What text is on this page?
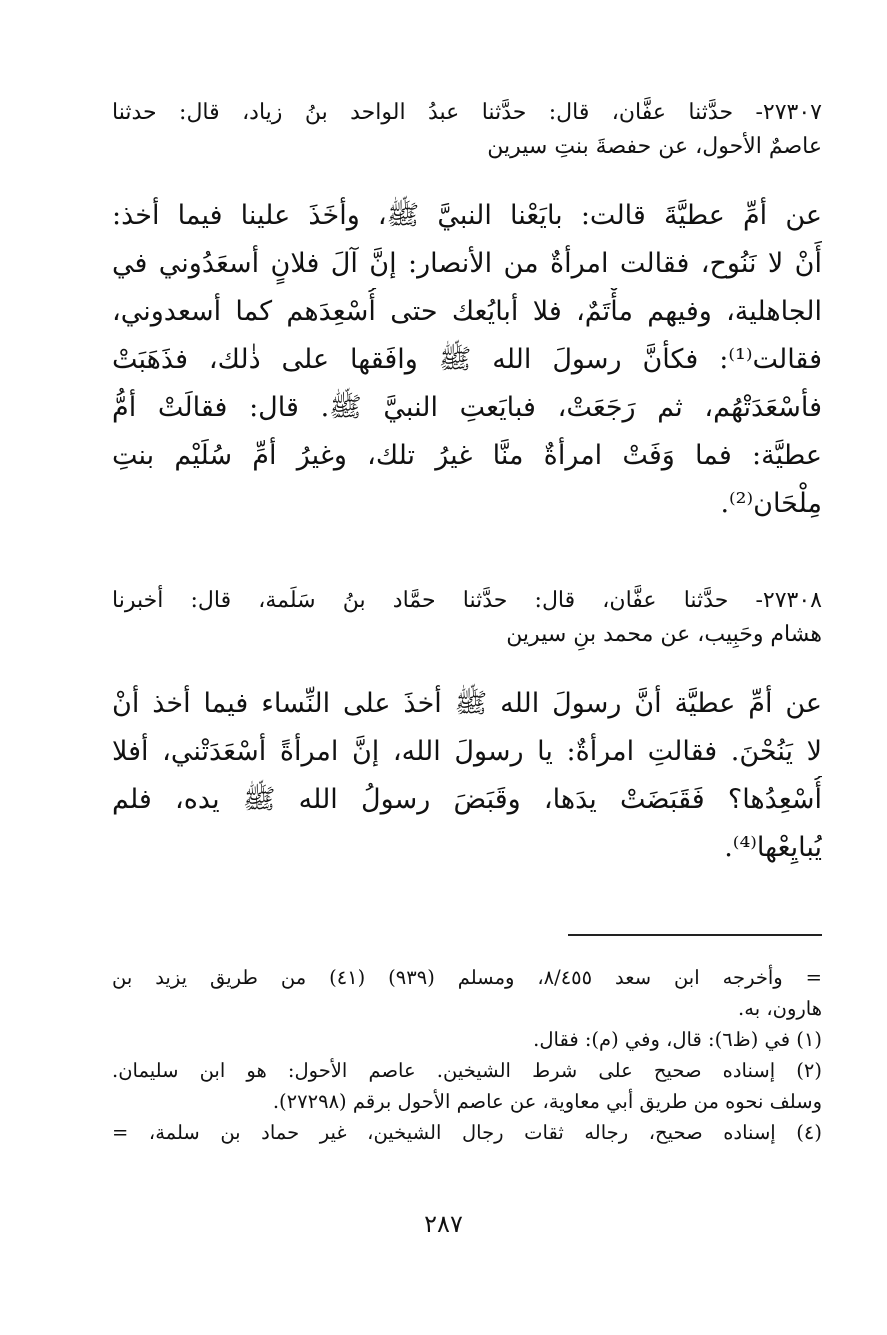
٢٧٣٠٧- حدَّثنا عفَّان، قال: حدَّثنا عبدُ الواحد بنُ زياد، قال: حدثنا
عاصمٌ الأحول، عن حفصةَ بنتِ سيرين
عن أمِّ عطيَّةَ قالت: بايَعْنا النبيَّ ﷺ، وأخَذَ علينا فيما أخذ:
أَنْ لا نَنُوح، فقالت امرأةٌ من الأنصار: إنَّ آلَ فلانٍ أسعَدُوني في
الجاهلية، وفيهم مأْتَمٌ، فلا أبايُعك حتى أُسْعِدَهم كما أسعدوني،
فقالت⁽¹⁾: فكأنَّ رسولَ الله ﷺ وافَقها على ذٰلك، فذَهَبَتْ
فأسْعَدَتْهُم، ثم رَجَعَتْ، فبايَعتِ النبيَّ ﷺ. قال: فقالَتْ أمُّ
عطيَّة: فما وَفَتْ امرأةٌ منَّا غيرُ تلك، وغيرُ أمِّ سُلَيْم بنتِ
مِلْحَان⁽²⁾.
٢٧٣٠٨- حدَّثنا عفَّان، قال: حدَّثنا حمَّاد بنُ سَلَمة، قال: أخبرنا
هشام وحَبِيب، عن محمد بنِ سيرين
عن أمِّ عطيَّة أنَّ رسولَ الله ﷺ أخذَ على النِّساء فيما أخذ أنْ
لا يَنُحْنَ. فقالتِ امرأةٌ: يا رسولَ الله، إنَّ امرأةً أسْعَدَتْني، أفلا
أُسْعِدُها؟ فَقَبَضَتْ يدَها، وقَبَضَ رسولُ الله ﷺ يده، فلم
يُبايِعْها⁽⁴⁾.
= وأخرجه ابن سعد ٨/٤٥٥، ومسلم (٩٣٩) (٤١) من طريق يزيد بن
هارون، به.
(١) في (ظ٦): قال، وفي (م): فقال.
(٢) إسناده صحيح على شرط الشيخين. عاصم الأحول: هو ابن سليمان.
وسلف نحوه من طريق أبي معاوية، عن عاصم الأحول برقم (٢٧٢٩٨).
(٤) إسناده صحيح، رجاله ثقات رجال الشيخين، غير حماد بن سلمة، =
٢٨٧
